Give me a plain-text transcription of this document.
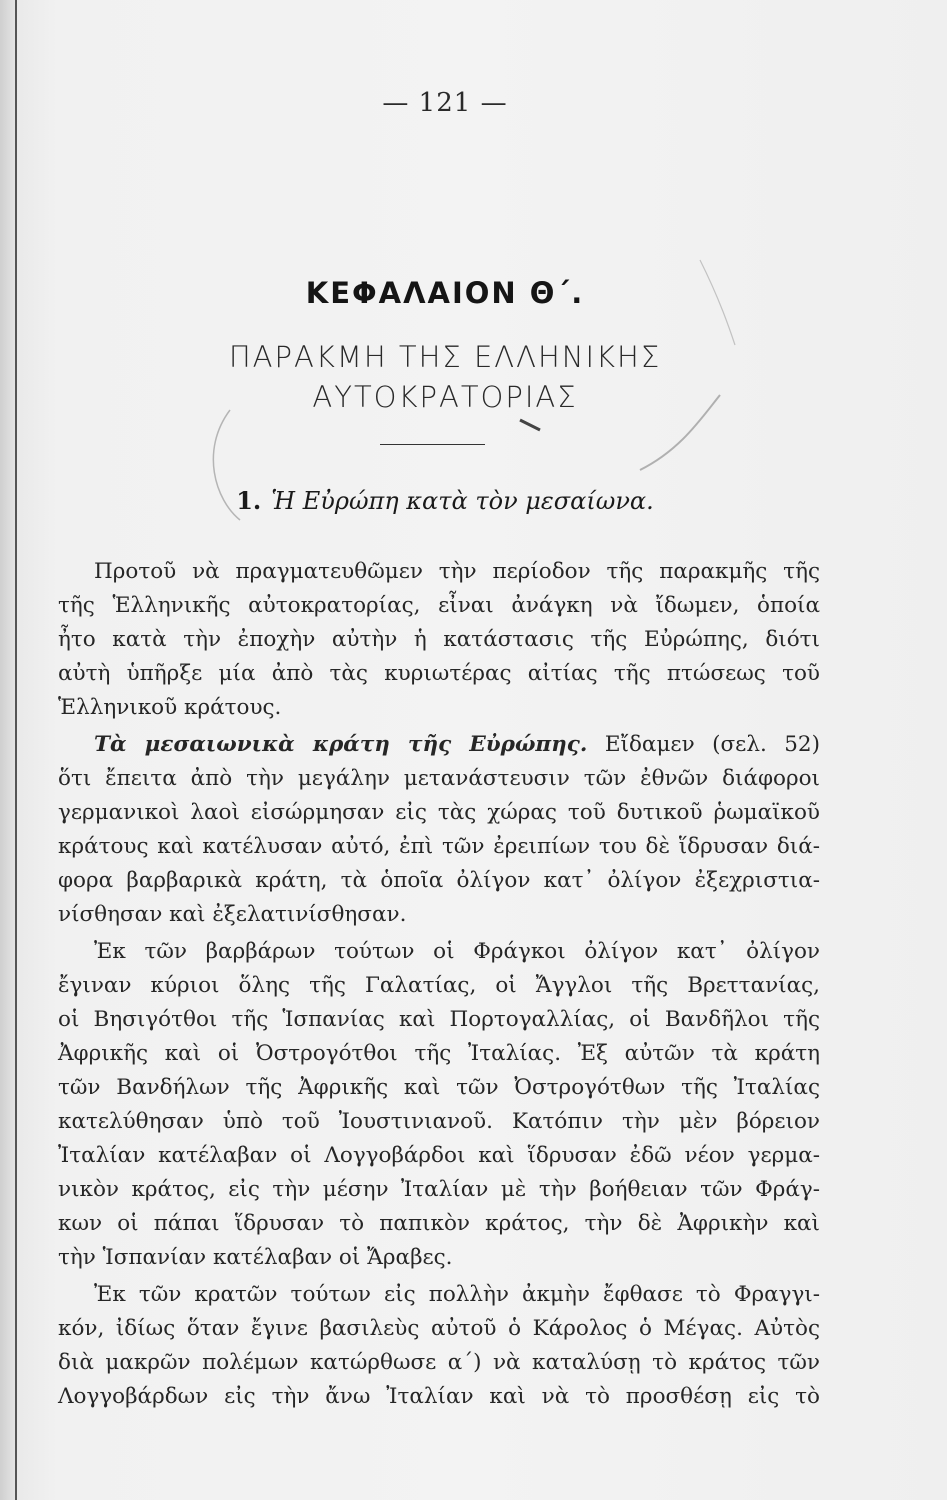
— 121 —
ΚΕΦΑΛΑΙΟΝ Θ΄.
ΠΑΡΑΚΜΗ ΤΗΣ ΕΛΛΗΝΙΚΗΣ
ΑΥΤΟΚΡΑΤΟΡΙΑΣ
1. Ἡ Εὐρώπη κατὰ τὸν μεσαίωνα.
Προτοῦ νὰ πραγματευθῶμεν τὴν περίοδον τῆς παρακμῆς τῆς
τῆς Ἑλληνικῆς αὐτοκρατορίας, εἶναι ἀνάγκη νὰ ἴδωμεν, ὁποία
ἦτο κατὰ τὴν ἐποχὴν αὐτὴν ἡ κατάστασις τῆς Εὐρώπης, διότι
αὐτὴ ὑπῆρξε μία ἀπὸ τὰς κυριωτέρας αἰτίας τῆς πτώσεως τοῦ
Ἑλληνικοῦ κράτους.
Τὰ μεσαιωνικὰ κράτη τῆς Εὐρώπης. Εἴδαμεν (σελ. 52)
ὅτι ἔπειτα ἀπὸ τὴν μεγάλην μετανάστευσιν τῶν ἐθνῶν διάφοροι
γερμανικοὶ λαοὶ εἰσώρμησαν εἰς τὰς χώρας τοῦ δυτικοῦ ῥωμαϊκοῦ
κράτους καὶ κατέλυσαν αὐτό, ἐπὶ τῶν ἐρειπίων του δὲ ἵδρυσαν διά-
φορα βαρβαρικὰ κράτη, τὰ ὁποῖα ὀλίγον κατ᾿ ὀλίγον ἐξεχριστια-
νίσθησαν καὶ ἐξελατινίσθησαν.
Ἐκ τῶν βαρβάρων τούτων οἱ Φράγκοι ὀλίγον κατ᾿ ὀλίγον
ἔγιναν κύριοι ὅλης τῆς Γαλατίας, οἱ Ἄγγλοι τῆς Βρεττανίας,
οἱ Βησιγότθοι τῆς Ἱσπανίας καὶ Πορτογαλλίας, οἱ Βανδῆλοι τῆς
Ἀφρικῆς καὶ οἱ Ὀστρογότθοι τῆς Ἰταλίας. Ἐξ αὐτῶν τὰ κράτη
τῶν Βανδήλων τῆς Ἀφρικῆς καὶ τῶν Ὀστρογότθων τῆς Ἰταλίας
κατελύθησαν ὑπὸ τοῦ Ἰουστινιανοῦ. Κατόπιν τὴν μὲν βόρειον
Ἰταλίαν κατέλαβαν οἱ Λογγοβάρδοι καὶ ἵδρυσαν ἐδῶ νέον γερμα-
νικὸν κράτος, εἰς τὴν μέσην Ἰταλίαν μὲ τὴν βοήθειαν τῶν Φράγ-
κων οἱ πάπαι ἵδρυσαν τὸ παπικὸν κράτος, τὴν δὲ Ἀφρικὴν καὶ
τὴν Ἱσπανίαν κατέλαβαν οἱ Ἄραβες.
Ἐκ τῶν κρατῶν τούτων εἰς πολλὴν ἀκμὴν ἔφθασε τὸ Φραγγι-
κόν, ἰδίως ὅταν ἔγινε βασιλεὺς αὐτοῦ ὁ Κάρολος ὁ Μέγας. Αὐτὸς
διὰ μακρῶν πολέμων κατώρθωσε α΄) νὰ καταλύσῃ τὸ κράτος τῶν
Λογγοβάρδων εἰς τὴν ἄνω Ἰταλίαν καὶ νὰ τὸ προσθέσῃ εἰς τὸ
